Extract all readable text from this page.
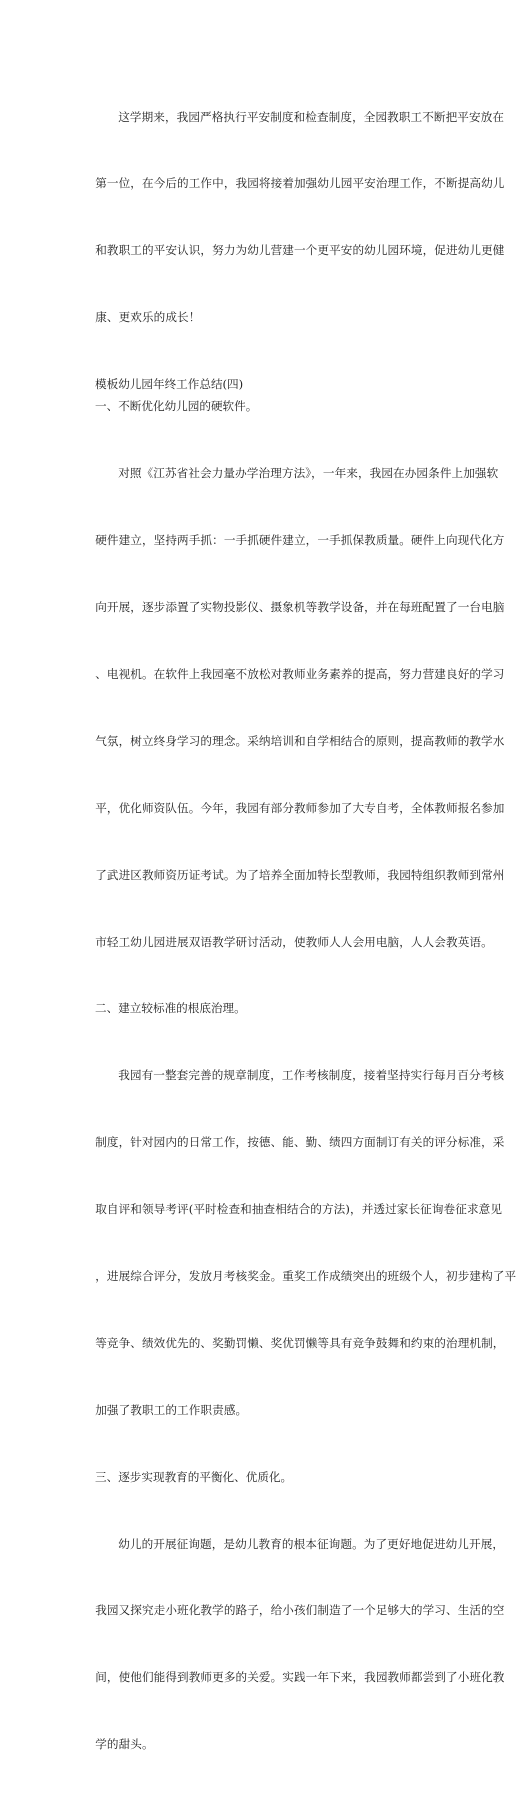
这学期来，我园严格执行平安制度和检查制度，全园教职工不断把平安放在

第一位，在今后的工作中，我园将接着加强幼儿园平安治理工作，不断提高幼儿

和教职工的平安认识，努力为幼儿营建一个更平安的幼儿园环境，促进幼儿更健

康、更欢乐的成长！

模板幼儿园年终工作总结(四)
一、不断优化幼儿园的硬软件。

对照《江苏省社会力量办学治理方法》，一年来，我园在办园条件上加强软

硬件建立，坚持两手抓：一手抓硬件建立，一手抓保教质量。硬件上向现代化方

向开展，逐步添置了实物投影仪、摄象机等教学设备，并在每班配置了一台电脑

、电视机。在软件上我园毫不放松对教师业务素养的提高，努力营建良好的学习

气氛，树立终身学习的理念。采纳培训和自学相结合的原则，提高教师的教学水

平，优化师资队伍。今年，我园有部分教师参加了大专自考，全体教师报名参加

了武进区教师资历证考试。为了培养全面加特长型教师，我园特组织教师到常州

市轻工幼儿园进展双语教学研讨活动，使教师人人会用电脑，人人会教英语。

二、建立较标准的根底治理。

我园有一整套完善的规章制度，工作考核制度，接着坚持实行每月百分考核

制度，针对园内的日常工作，按德、能、勤、绩四方面制订有关的评分标准，采

取自评和领导考评(平时检查和抽查相结合的方法)，并透过家长征询卷征求意见

，进展综合评分，发放月考核奖金。重奖工作成绩突出的班级个人，初步建构了平

等竞争、绩效优先的、奖勤罚懒、奖优罚懒等具有竞争鼓舞和约束的治理机制，

加强了教职工的工作职责感。

三、逐步实现教育的平衡化、优质化。

幼儿的开展征询题，是幼儿教育的根本征询题。为了更好地促进幼儿开展，

我园又探究走小班化教学的路子，给小孩们制造了一个足够大的学习、生活的空

间，使他们能得到教师更多的关爱。实践一年下来，我园教师都尝到了小班化教

学的甜头。
